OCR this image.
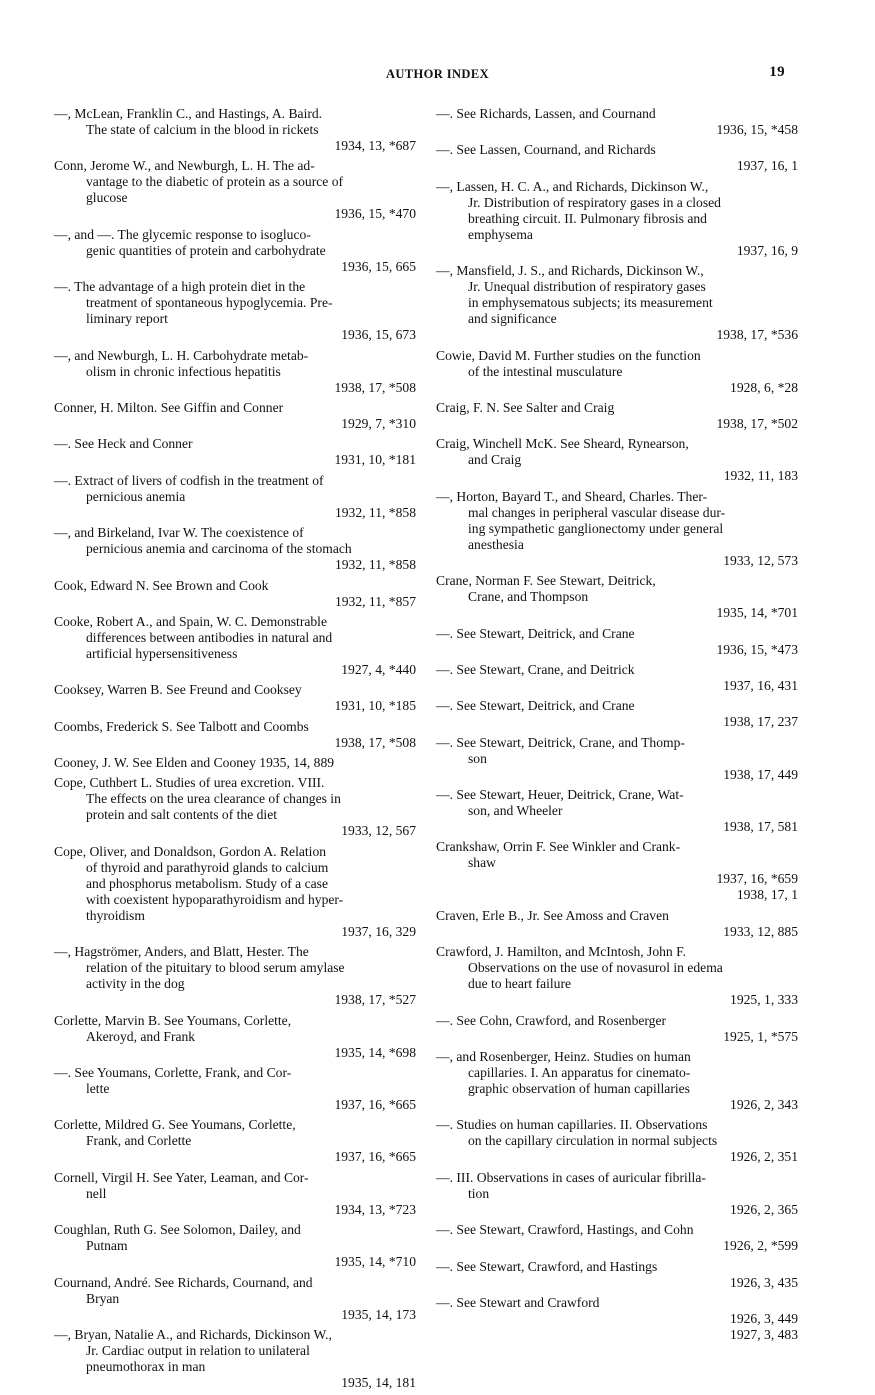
AUTHOR INDEX	19
—, McLean, Franklin C., and Hastings, A. Baird.
The state of calcium in the blood in rickets
1934, 13, *687
Conn, Jerome W., and Newburgh, L. H. The ad-
vantage to the diabetic of protein as a source of
glucose
1936, 15, *470
—, and —. The glycemic response to isogluco-
genic quantities of protein and carbohydrate
1936, 15, 665
—. The advantage of a high protein diet in the
treatment of spontaneous hypoglycemia. Pre-
liminary report
1936, 15, 673
—, and Newburgh, L. H. Carbohydrate metab-
olism in chronic infectious hepatitis
1938, 17, *508
Conner, H. Milton. See Giffin and Conner
1929, 7, *310
—. See Heck and Conner
1931, 10, *181
—. Extract of livers of codfish in the treatment of
pernicious anemia
1932, 11, *858
—, and Birkeland, Ivar W. The coexistence of
pernicious anemia and carcinoma of the stomach
1932, 11, *858
Cook, Edward N. See Brown and Cook
1932, 11, *857
Cooke, Robert A., and Spain, W. C. Demonstrable
differences between antibodies in natural and
artificial hypersensitiveness
1927, 4, *440
Cooksey, Warren B. See Freund and Cooksey
1931, 10, *185
Coombs, Frederick S. See Talbott and Coombs
1938, 17, *508
Cooney, J. W. See Elden and Cooney 1935, 14, 889
Cope, Cuthbert L. Studies of urea excretion. VIII.
The effects on the urea clearance of changes in
protein and salt contents of the diet
1933, 12, 567
Cope, Oliver, and Donaldson, Gordon A. Relation
of thyroid and parathyroid glands to calcium
and phosphorus metabolism. Study of a case
with coexistent hypoparathyroidism and hyper-
thyroidism
1937, 16, 329
—, Hagströmer, Anders, and Blatt, Hester. The
relation of the pituitary to blood serum amylase
activity in the dog
1938, 17, *527
Corlette, Marvin B. See Youmans, Corlette,
Akeroyd, and Frank
1935, 14, *698
—. See Youmans, Corlette, Frank, and Cor-
lette
1937, 16, *665
Corlette, Mildred G. See Youmans, Corlette,
Frank, and Corlette
1937, 16, *665
Cornell, Virgil H. See Yater, Leaman, and Cor-
nell
1934, 13, *723
Coughlan, Ruth G. See Solomon, Dailey, and
Putnam
1935, 14, *710
Cournand, André. See Richards, Cournand, and
Bryan
1935, 14, 173
—, Bryan, Natalie A., and Richards, Dickinson W.,
Jr. Cardiac output in relation to unilateral
pneumothorax in man
1935, 14, 181
—. See Richards, Lassen, and Cournand
1936, 15, *458
—. See Lassen, Cournand, and Richards
1937, 16, 1
—, Lassen, H. C. A., and Richards, Dickinson W.,
Jr. Distribution of respiratory gases in a closed
breathing circuit. II. Pulmonary fibrosis and
emphysema
1937, 16, 9
—, Mansfield, J. S., and Richards, Dickinson W.,
Jr. Unequal distribution of respiratory gases
in emphysematous subjects; its measurement
and significance
1938, 17, *536
Cowie, David M. Further studies on the function
of the intestinal musculature
1928, 6, *28
Craig, F. N. See Salter and Craig
1938, 17, *502
Craig, Winchell McK. See Sheard, Rynearson,
and Craig
1932, 11, 183
—, Horton, Bayard T., and Sheard, Charles. Ther-
mal changes in peripheral vascular disease dur-
ing sympathetic ganglionectomy under general
anesthesia
1933, 12, 573
Crane, Norman F. See Stewart, Deitrick,
Crane, and Thompson
1935, 14, *701
—. See Stewart, Deitrick, and Crane
1936, 15, *473
—. See Stewart, Crane, and Deitrick
1937, 16, 431
—. See Stewart, Deitrick, and Crane
1938, 17, 237
—. See Stewart, Deitrick, Crane, and Thomp-
son
1938, 17, 449
—. See Stewart, Heuer, Deitrick, Crane, Wat-
son, and Wheeler
1938, 17, 581
Crankshaw, Orrin F. See Winkler and Crank-
shaw
1937, 16, *659
1938, 17, 1
Craven, Erle B., Jr. See Amoss and Craven
1933, 12, 885
Crawford, J. Hamilton, and McIntosh, John F.
Observations on the use of novasurol in edema
due to heart failure
1925, 1, 333
—. See Cohn, Crawford, and Rosenberger
1925, 1, *575
—, and Rosenberger, Heinz. Studies on human
capillaries. I. An apparatus for cinemato-
graphic observation of human capillaries
1926, 2, 343
—. Studies on human capillaries. II. Observations
on the capillary circulation in normal subjects
1926, 2, 351
—. III. Observations in cases of auricular fibrilla-
tion
1926, 2, 365
—. See Stewart, Crawford, Hastings, and Cohn
1926, 2, *599
—. See Stewart, Crawford, and Hastings
1926, 3, 435
—. See Stewart and Crawford
1926, 3, 449
1927, 3, 483
